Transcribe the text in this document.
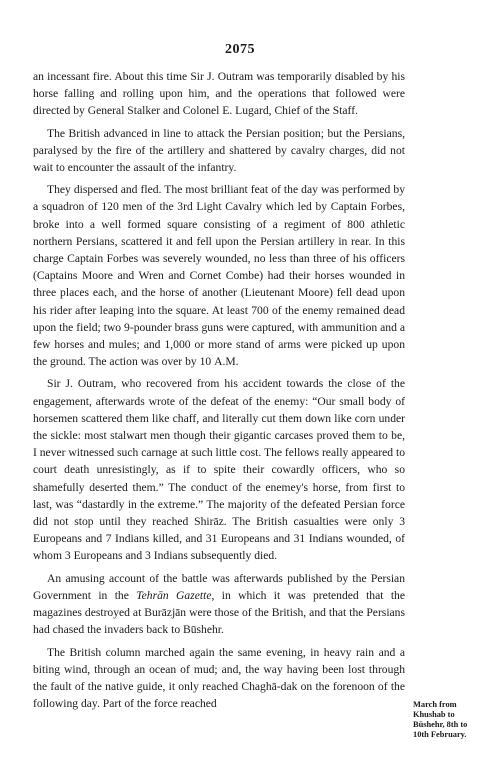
2075

an incessant fire. About this time Sir J. Outram was temporarily disabled by his horse falling and rolling upon him, and the operations that followed were directed by General Stalker and Colonel E. Lugard, Chief of the Staff.

The British advanced in line to attack the Persian position; but the Persians, paralysed by the fire of the artillery and shattered by cavalry charges, did not wait to encounter the assault of the infantry.

They dispersed and fled. The most brilliant feat of the day was performed by a squadron of 120 men of the 3rd Light Cavalry which led by Captain Forbes, broke into a well formed square consisting of a regiment of 800 athletic northern Persians, scattered it and fell upon the Persian artillery in rear. In this charge Captain Forbes was severely wounded, no less than three of his officers (Captains Moore and Wren and Cornet Combe) had their horses wounded in three places each, and the horse of another (Lieutenant Moore) fell dead upon his rider after leaping into the square. At least 700 of the enemy remained dead upon the field; two 9-pounder brass guns were captured, with ammunition and a few horses and mules; and 1,000 or more stand of arms were picked up upon the ground. The action was over by 10 A.M.

Sir J. Outram, who recovered from his accident towards the close of the engagement, afterwards wrote of the defeat of the enemy: “Our small body of horsemen scattered them like chaff, and literally cut them down like corn under the sickle: most stalwart men though their gigantic carcases proved them to be, I never witnessed such carnage at such little cost. The fellows really appeared to court death unresistingly, as if to spite their cowardly officers, who so shamefully deserted them.” The conduct of the enemey's horse, from first to last, was “dastardly in the extreme.” The majority of the defeated Persian force did not stop until they reached Shirāz. The British casualties were only 3 Europeans and 7 Indians killed, and 31 Europeans and 31 Indians wounded, of whom 3 Europeans and 3 Indians subsequently died.

An amusing account of the battle was afterwards published by the Persian Government in the Tehrān Gazette, in which it was pretended that the magazines destroyed at Burāzjān were those of the British, and that the Persians had chased the invaders back to Būshehr.

The British column marched again the same evening, in heavy rain and a biting wind, through an ocean of mud; and, the way having been lost through the fault of the native guide, it only reached Chaghā-dak on the forenoon of the following day. Part of the force reached	March from Khushab to Būshehr, 8th to 10th February.
